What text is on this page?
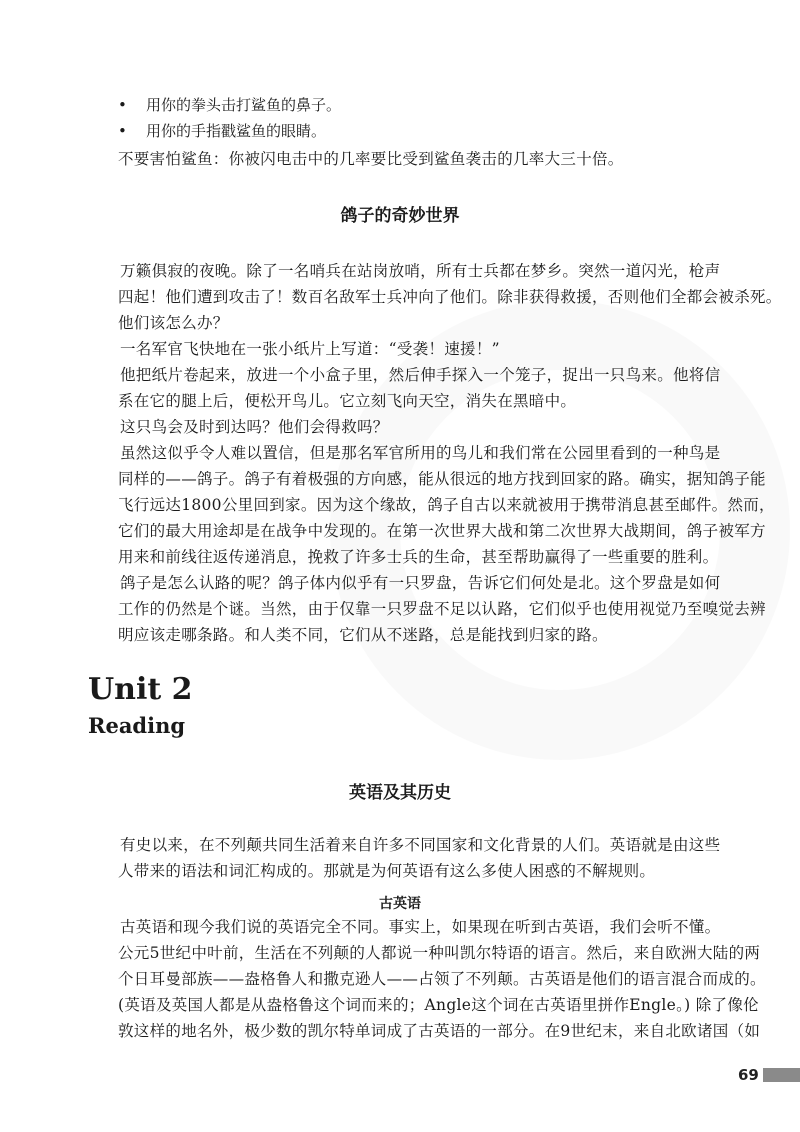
• 用你的拳头击打鲨鱼的鼻子。
• 用你的手指戳鲨鱼的眼睛。

不要害怕鲨鱼：你被闪电击中的几率要比受到鲨鱼袭击的几率大三十倍。

鸽子的奇妙世界

万籁俱寂的夜晚。除了一名哨兵在站岗放哨，所有士兵都在梦乡。突然一道闪光，枪声
四起！他们遭到攻击了！数百名敌军士兵冲向了他们。除非获得救援，否则他们全都会被杀死。
他们该怎么办？

一名军官飞快地在一张小纸片上写道：“受袭！速援！”

他把纸片卷起来，放进一个小盒子里，然后伸手探入一个笼子，捉出一只鸟来。他将信
系在它的腿上后，便松开鸟儿。它立刻飞向天空，消失在黑暗中。

这只鸟会及时到达吗？他们会得救吗？

虽然这似乎令人难以置信，但是那名军官所用的鸟儿和我们常在公园里看到的一种鸟是
同样的——鸽子。鸽子有着极强的方向感，能从很远的地方找到回家的路。确实，据知鸽子能
飞行远达1800公里回到家。因为这个缘故，鸽子自古以来就被用于携带消息甚至邮件。然而，
它们的最大用途却是在战争中发现的。在第一次世界大战和第二次世界大战期间，鸽子被军方
用来和前线往返传递消息，挽救了许多士兵的生命，甚至帮助赢得了一些重要的胜利。

鸽子是怎么认路的呢？鸽子体内似乎有一只罗盘，告诉它们何处是北。这个罗盘是如何
工作的仍然是个谜。当然，由于仅靠一只罗盘不足以认路，它们似乎也使用视觉乃至嗅觉去辨
明应该走哪条路。和人类不同，它们从不迷路，总是能找到归家的路。

Unit 2
Reading
英语及其历史

有史以来，在不列颠共同生活着来自许多不同国家和文化背景的人们。英语就是由这些
人带来的语法和词汇构成的。那就是为何英语有这么多使人困惑的不解规则。

古英语

古英语和现今我们说的英语完全不同。事实上，如果现在听到古英语，我们会听不懂。
公元5世纪中叶前，生活在不列颠的人都说一种叫凯尔特语的语言。然后，来自欧洲大陆的两
个日耳曼部族——盎格鲁人和撒克逊人——占领了不列颠。古英语是他们的语言混合而成的。
(英语及英国人都是从盎格鲁这个词而来的；Angle这个词在古英语里拼作Engle。) 除了像伦
敦这样的地名外，极少数的凯尔特单词成了古英语的一部分。在9世纪末，来自北欧诸国（如

69
